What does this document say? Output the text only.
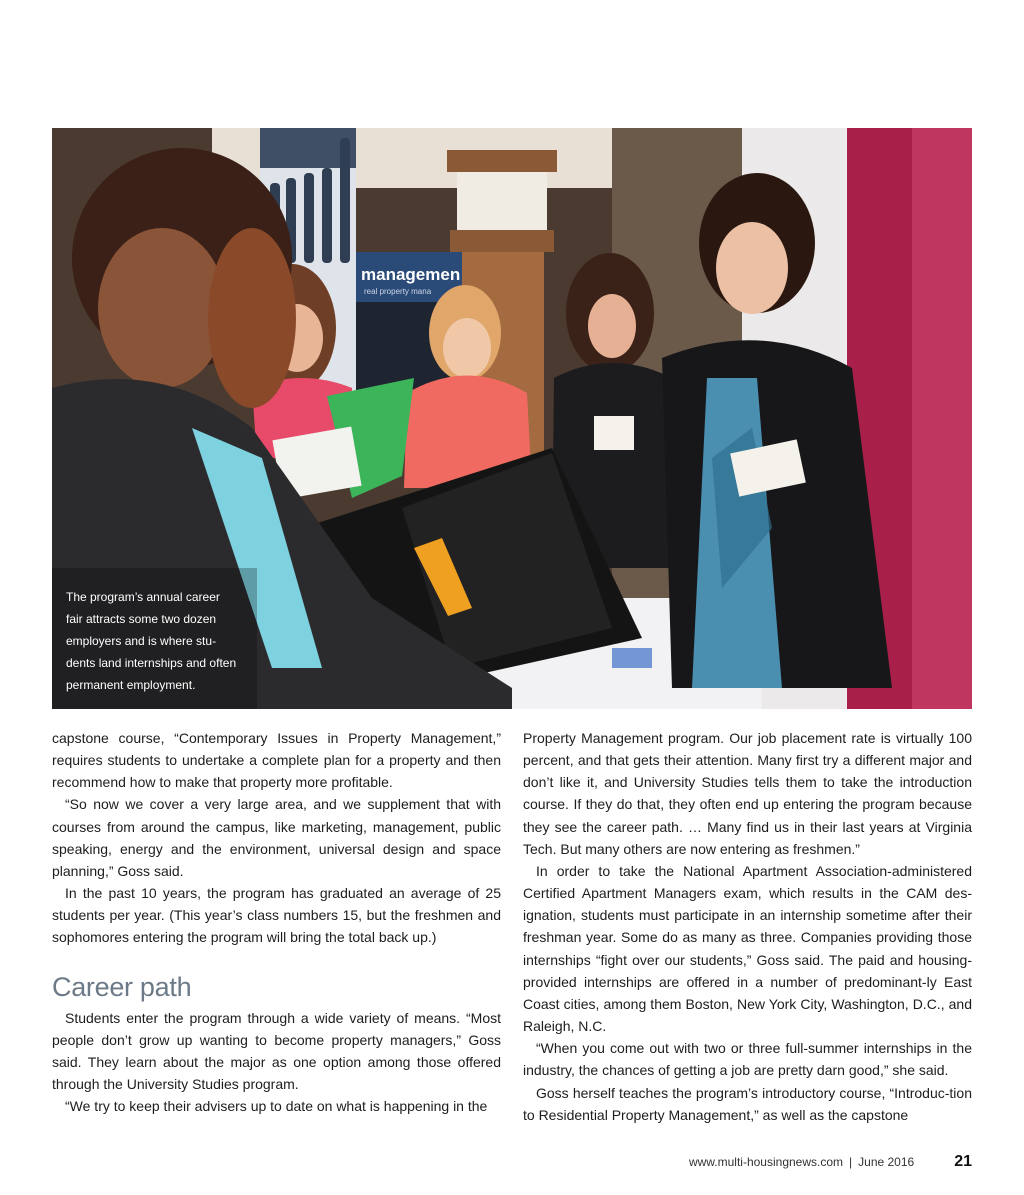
managemen
real property mana
The program’s annual career
fair attracts some two dozen
employers and is where stu-
dents land internships and often
permanent employment.

capstone course, “Contemporary Issues in Property Management,” requires students to undertake a complete plan for a property and then recommend how to make that property more profitable.

“So now we cover a very large area, and we supplement that with courses from around the campus, like marketing, management, public speaking, energy and the environment, universal design and space planning,” Goss said.

In the past 10 years, the program has graduated an average of 25 students per year. (This year’s class numbers 15, but the freshmen and sophomores entering the program will bring the total back up.)

Career path

Students enter the program through a wide variety of means. “Most people don’t grow up wanting to become property managers,” Goss said. They learn about the major as one option among those offered through the University Studies program.

“We try to keep their advisers up to date on what is happening in the

Property Management program. Our job placement rate is virtually 100 percent, and that gets their attention. Many first try a different major and don’t like it, and University Studies tells them to take the introduction course. If they do that, they often end up entering the program because they see the career path. … Many find us in their last years at Virginia Tech. But many others are now entering as freshmen.”

In order to take the National Apartment Association-administered Certified Apartment Managers exam, which results in the CAM des-ignation, students must participate in an internship sometime after their freshman year. Some do as many as three. Companies providing those internships “fight over our students,” Goss said. The paid and housing-provided internships are offered in a number of predominant-ly East Coast cities, among them Boston, New York City, Washington, D.C., and Raleigh, N.C.

“When you come out with two or three full-summer internships in the industry, the chances of getting a job are pretty darn good,” she said.

Goss herself teaches the program’s introductory course, “Introduc-tion to Residential Property Management,” as well as the capstone

www.multi-housingnews.com | June 2016	21
